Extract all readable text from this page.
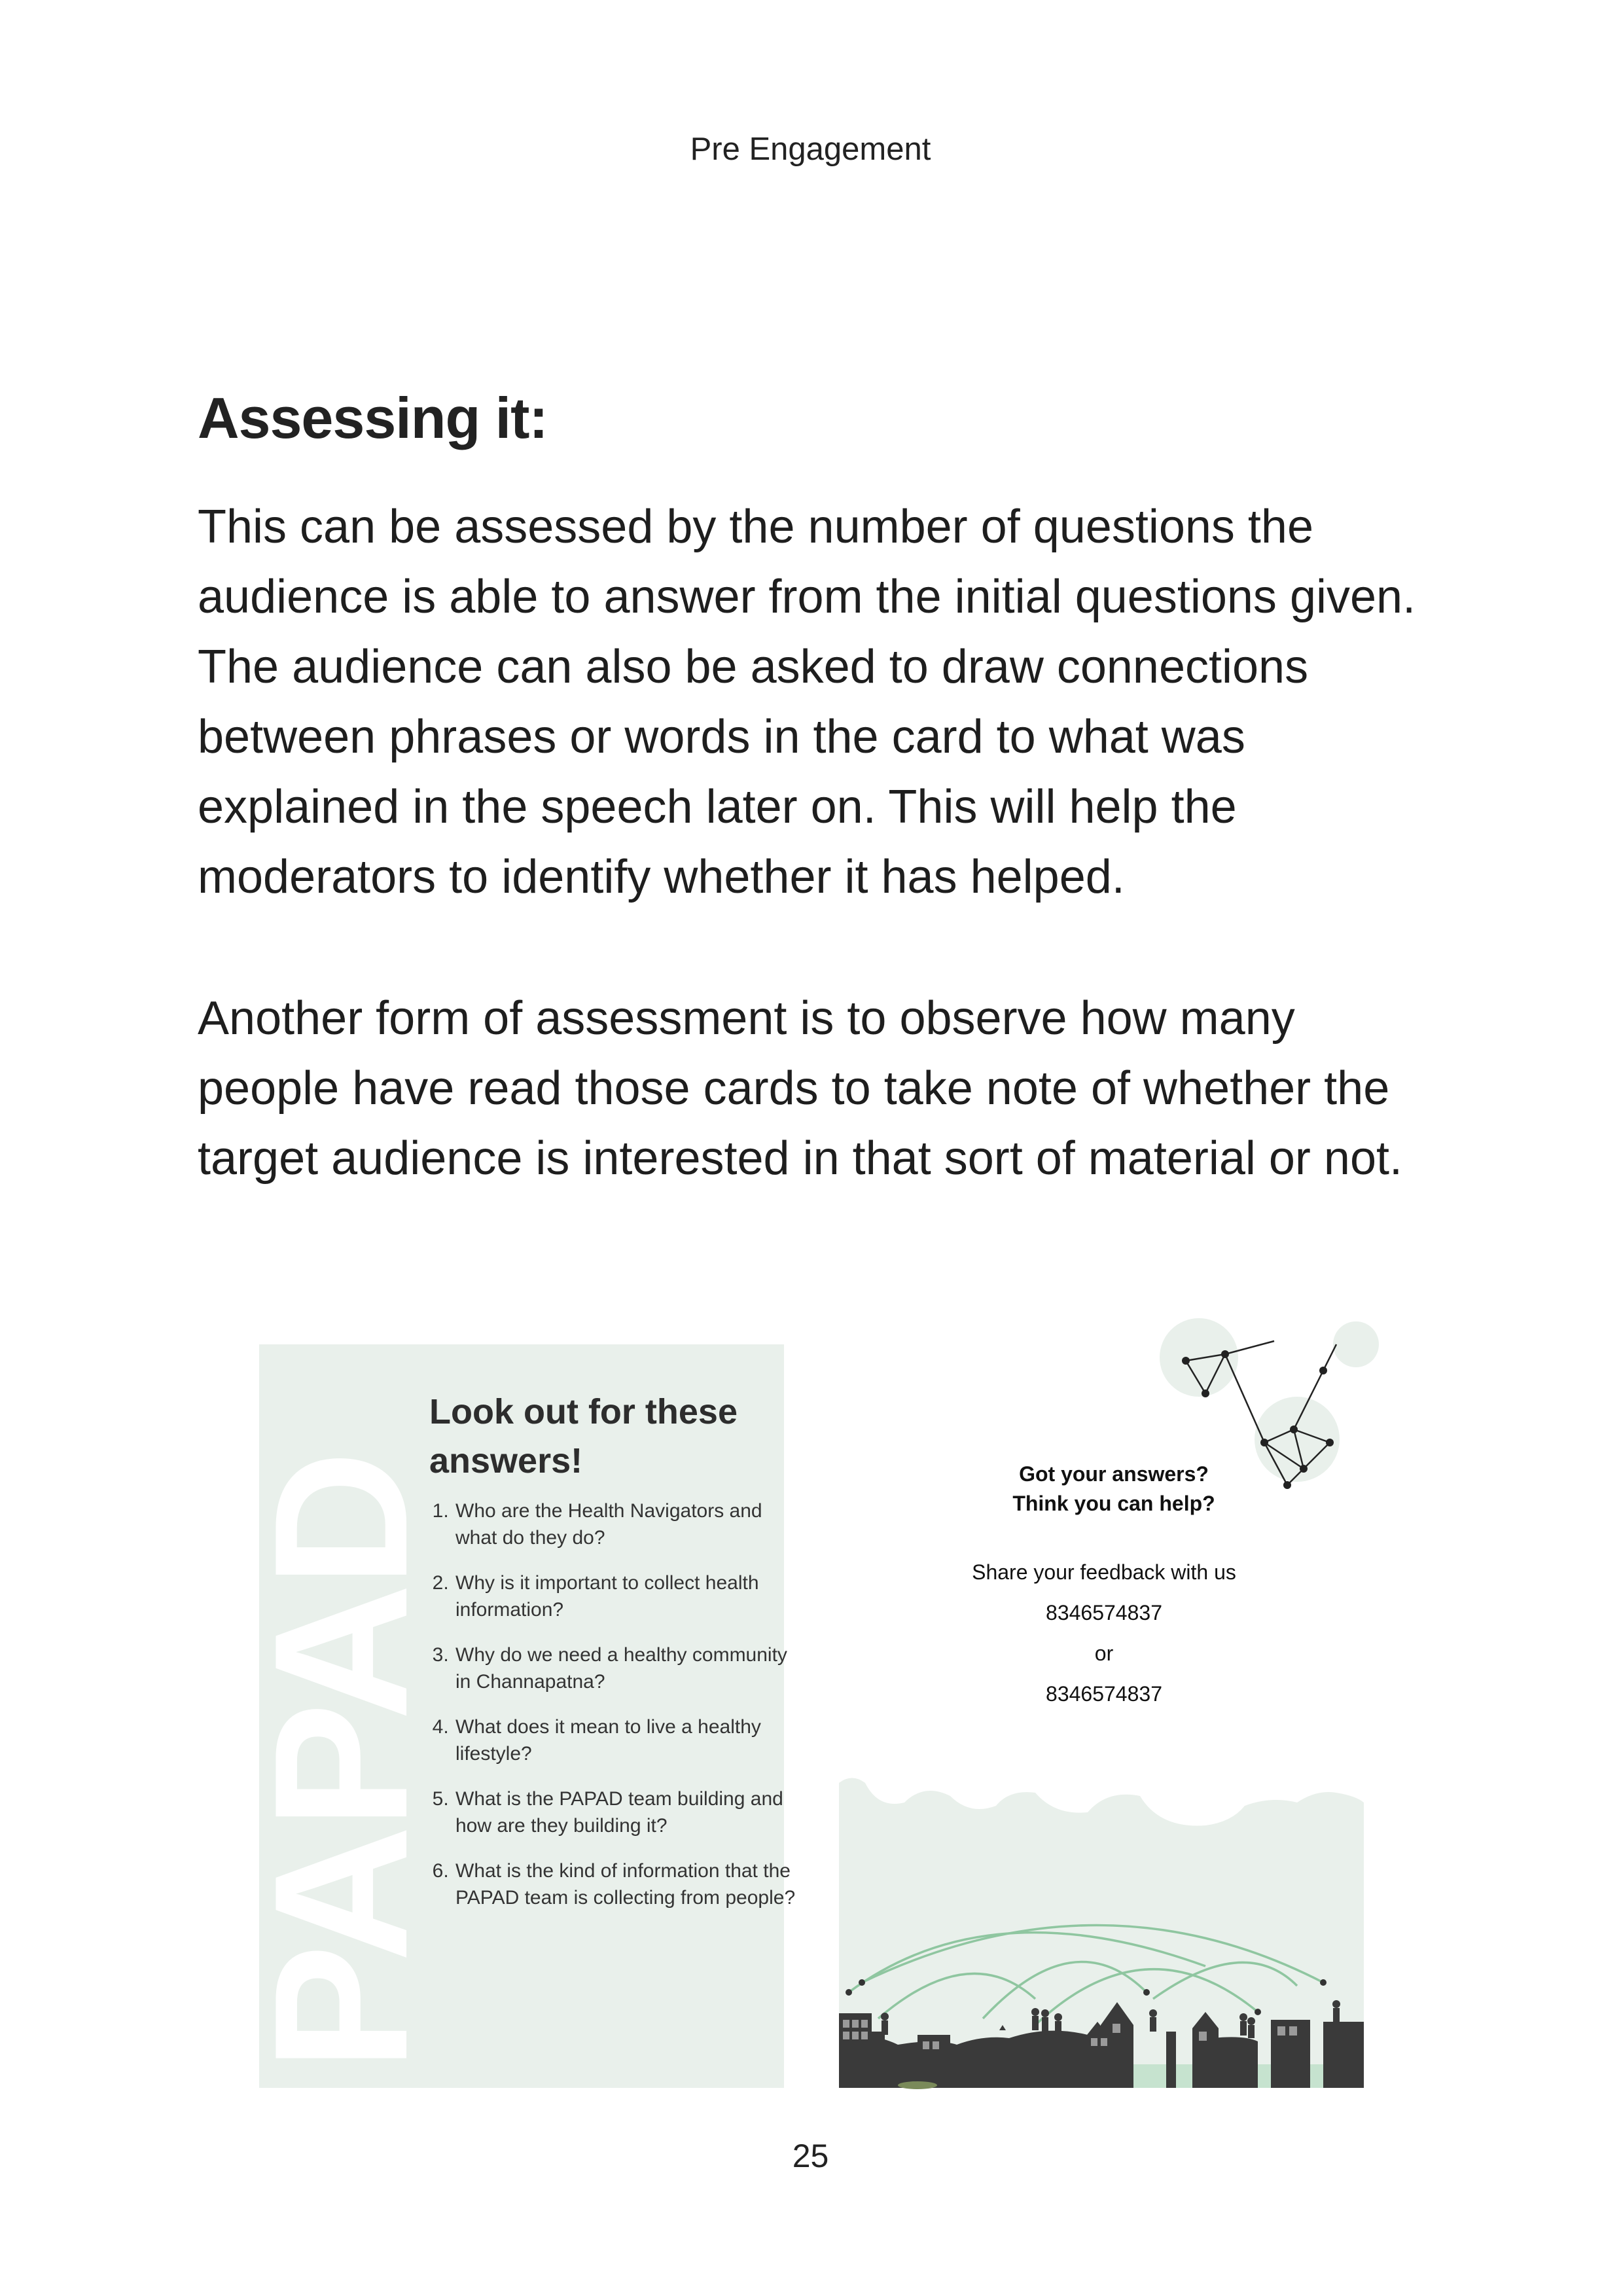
Pre Engagement
Assessing it:

This can be assessed by the number of questions the audience is able to answer from the initial questions given. The audience can also be asked to draw connections between phrases or words in the card to what was explained in the speech later on. This will help the moderators to identify whether it has helped.

Another form of assessment is to observe how many people have read those cards to take note of whether the target audience is interested in that sort of material or not.

PAPAD
Look out for these answers!
1. Who are the Health Navigators and what do they do?
2. Why is it important to collect health information?
3. Why do we need a healthy community in Channapatna?
4. What does it mean to live a healthy lifestyle?
5. What is the PAPAD team building and how are they building it?
6. What is the kind of information that the PAPAD team is collecting from people?
Got your answers?
Think you can help?
Share your feedback with us
8346574837
or
8346574837
25
